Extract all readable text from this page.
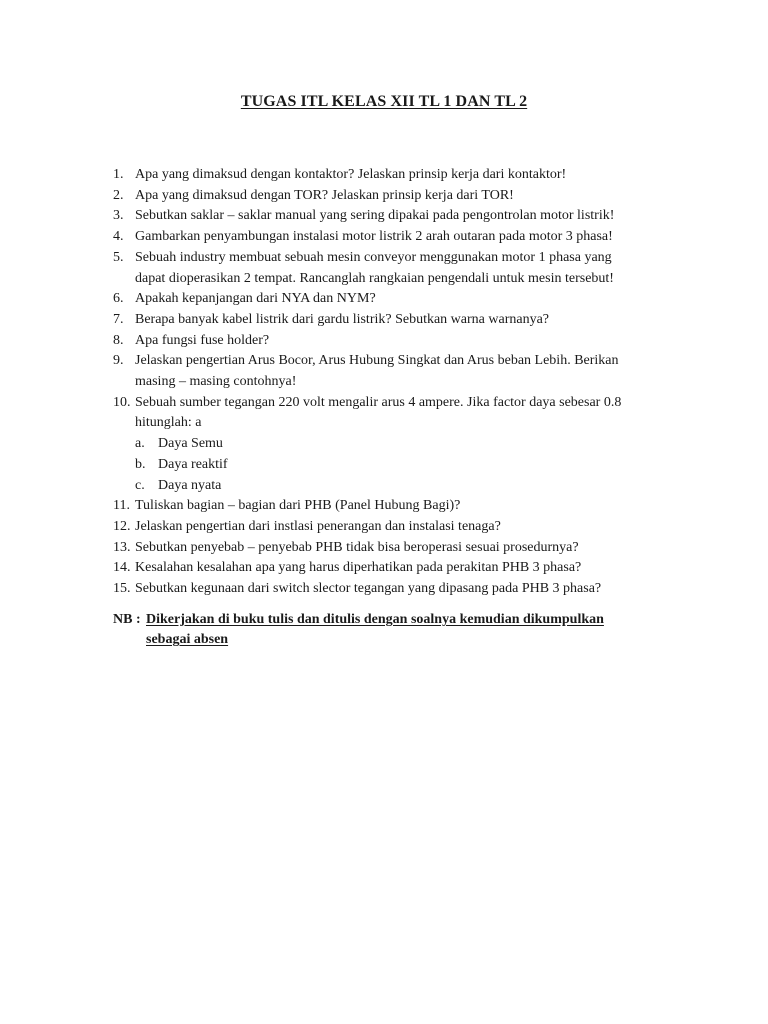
TUGAS ITL KELAS XII TL 1 DAN TL 2
1. Apa yang dimaksud dengan kontaktor? Jelaskan prinsip kerja dari kontaktor!
2. Apa yang dimaksud dengan TOR? Jelaskan prinsip kerja dari TOR!
3. Sebutkan saklar – saklar manual yang sering dipakai pada pengontrolan motor listrik!
4. Gambarkan penyambungan instalasi motor listrik 2 arah outaran pada motor 3 phasa!
5. Sebuah industry membuat sebuah mesin conveyor menggunakan motor 1 phasa yang
dapat dioperasikan 2 tempat. Rancanglah rangkaian pengendali untuk mesin tersebut!
6. Apakah kepanjangan dari NYA dan NYM?
7. Berapa banyak kabel listrik dari gardu listrik? Sebutkan warna warnanya?
8. Apa fungsi fuse holder?
9. Jelaskan pengertian Arus Bocor, Arus Hubung Singkat dan Arus beban Lebih. Berikan
masing – masing contohnya!
10. Sebuah sumber tegangan 220 volt mengalir arus 4 ampere. Jika factor daya sebesar 0.8
hitunglah: a
a. Daya Semu
b. Daya reaktif
c. Daya nyata
11. Tuliskan bagian – bagian dari PHB (Panel Hubung Bagi)?
12. Jelaskan pengertian dari instlasi penerangan dan instalasi tenaga?
13. Sebutkan penyebab – penyebab PHB tidak bisa beroperasi sesuai prosedurnya?
14. Kesalahan kesalahan apa yang harus diperhatikan pada perakitan PHB 3 phasa?
15. Sebutkan kegunaan dari switch slector tegangan yang dipasang pada PHB 3 phasa?
NB : Dikerjakan di buku tulis dan ditulis dengan soalnya kemudian dikumpulkan
sebagai absen
